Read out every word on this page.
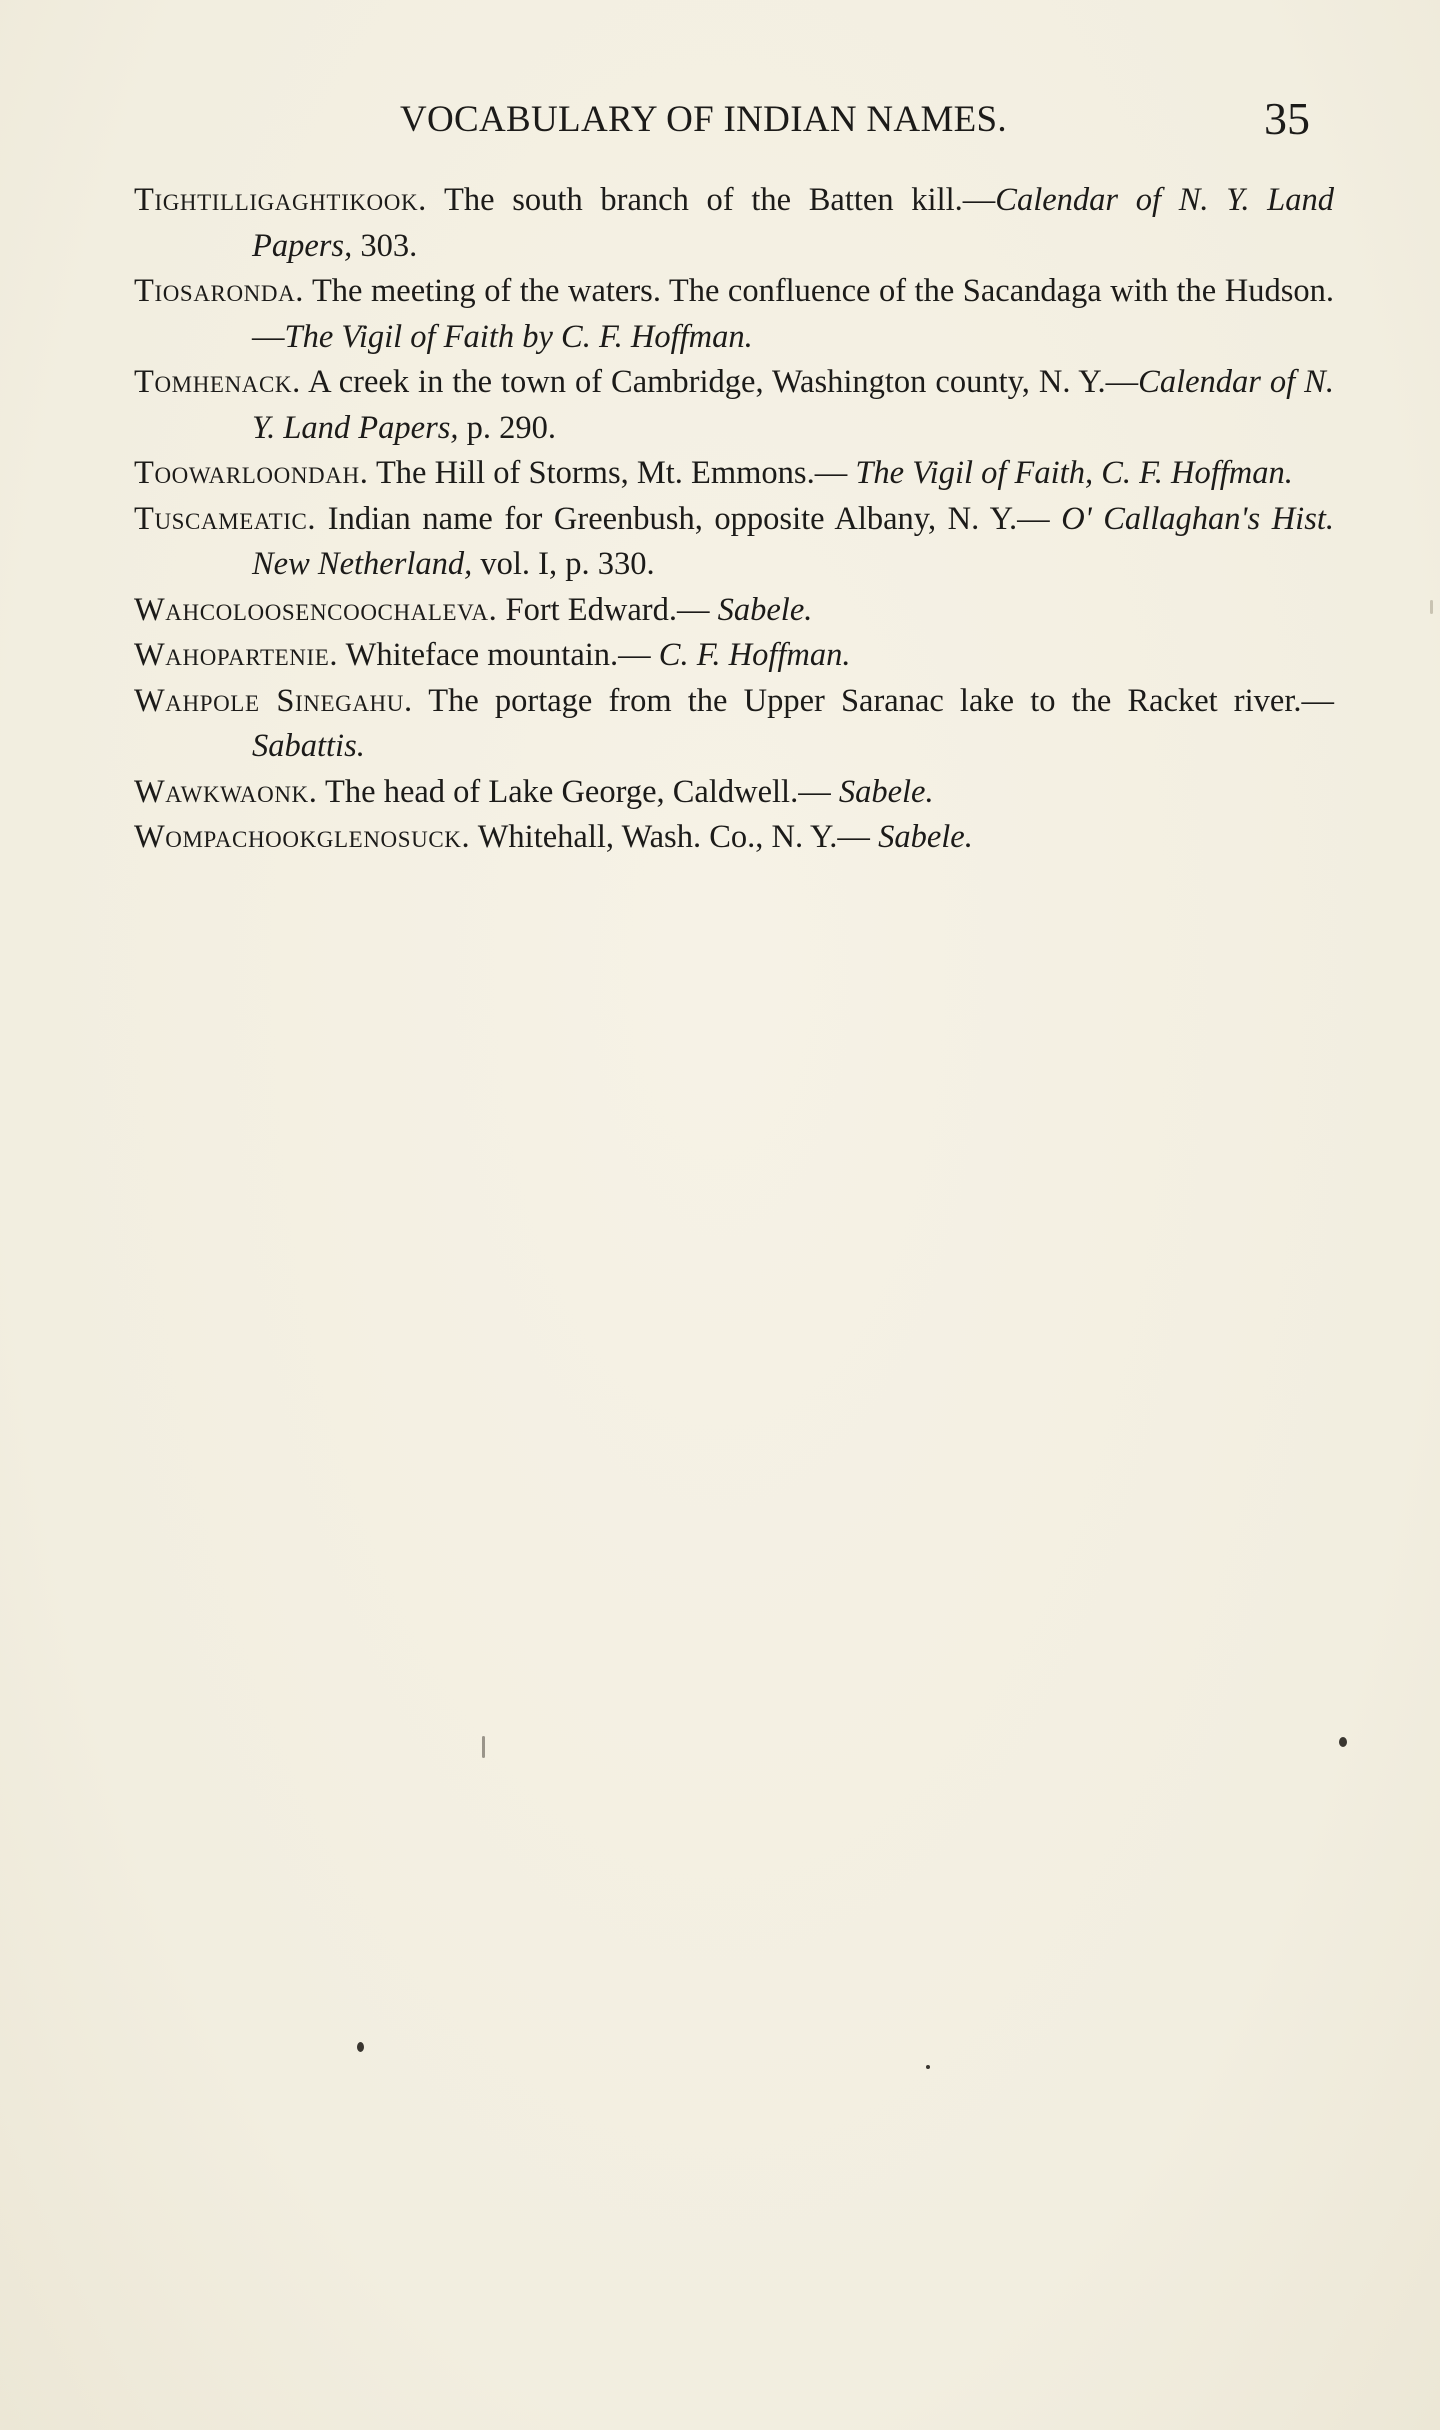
VOCABULARY OF INDIAN NAMES.	35
Tightilligaghtikook. The south branch of the Batten kill.—Calendar of N. Y. Land Papers, 303.
Tiosaronda. The meeting of the waters. The confluence of the Sacandaga with the Hudson.—The Vigil of Faith by C. F. Hoffman.
Tomhenack. A creek in the town of Cambridge, Washington county, N. Y.—Calendar of N. Y. Land Papers, p. 290.
Toowarloondah. The Hill of Storms, Mt. Emmons.— The Vigil of Faith, C. F. Hoffman.
Tuscameatic. Indian name for Greenbush, opposite Albany, N. Y.— O' Callaghan's Hist. New Netherland, vol. I, p. 330.
Wahcoloosencoochaleva. Fort Edward.— Sabele.
Wahopartenie. Whiteface mountain.— C. F. Hoffman.
Wahpole Sinegahu. The portage from the Upper Saranac lake to the Racket river.—Sabattis.
Wawkwaonk. The head of Lake George, Caldwell.— Sabele.
Wompachookglenosuck. Whitehall, Wash. Co., N. Y.— Sabele.
